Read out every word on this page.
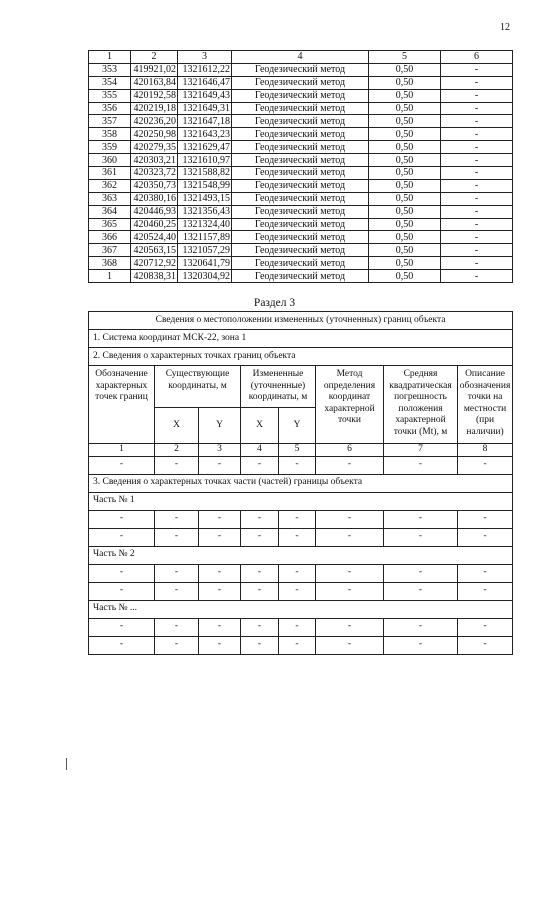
12
1	2	3	4	5	6
353	419921,02	1321612,22	Геодезический метод	0,50	-
354	420163,84	1321646,47	Геодезический метод	0,50	-
355	420192,58	1321649,43	Геодезический метод	0,50	-
356	420219,18	1321649,31	Геодезический метод	0,50	-
357	420236,20	1321647,18	Геодезический метод	0,50	-
358	420250,98	1321643,23	Геодезический метод	0,50	-
359	420279,35	1321629,47	Геодезический метод	0,50	-
360	420303,21	1321610,97	Геодезический метод	0,50	-
361	420323,72	1321588,82	Геодезический метод	0,50	-
362	420350,73	1321548,99	Геодезический метод	0,50	-
363	420380,16	1321493,15	Геодезический метод	0,50	-
364	420446,93	1321356,43	Геодезический метод	0,50	-
365	420460,25	1321324,40	Геодезический метод	0,50	-
366	420524,40	1321157,89	Геодезический метод	0,50	-
367	420563,15	1321057,29	Геодезический метод	0,50	-
368	420712,92	1320641,79	Геодезический метод	0,50	-
1	420838,31	1320304,92	Геодезический метод	0,50	-
Раздел 3
Сведения о местоположении измененных (уточненных) границ объекта							
1. Система координат МСК-22, зона 1							
2. Сведения о характерных точках границ объекта							
Обозначение характерных точек границ	Существующие координаты, м		Измененные (уточненные) координаты, м		Метод определения координат характерной точки	Средняя квадратическая погрешность положения характерной точки (Mt), м	Описание обозначения точки на местности (при наличии)
	X	Y	X	Y			
1	2	3	4	5	6	7	8
-	-	-	-	-	-	-	-
3. Сведения о характерных точках части (частей) границы объекта							
Часть № 1							
-	-	-	-	-	-	-	-
-	-	-	-	-	-	-	-
Часть № 2							
-	-	-	-	-	-	-	-
-	-	-	-	-	-	-	-
Часть № ...							
-	-	-	-	-	-	-	-
-	-	-	-	-	-	-	-
